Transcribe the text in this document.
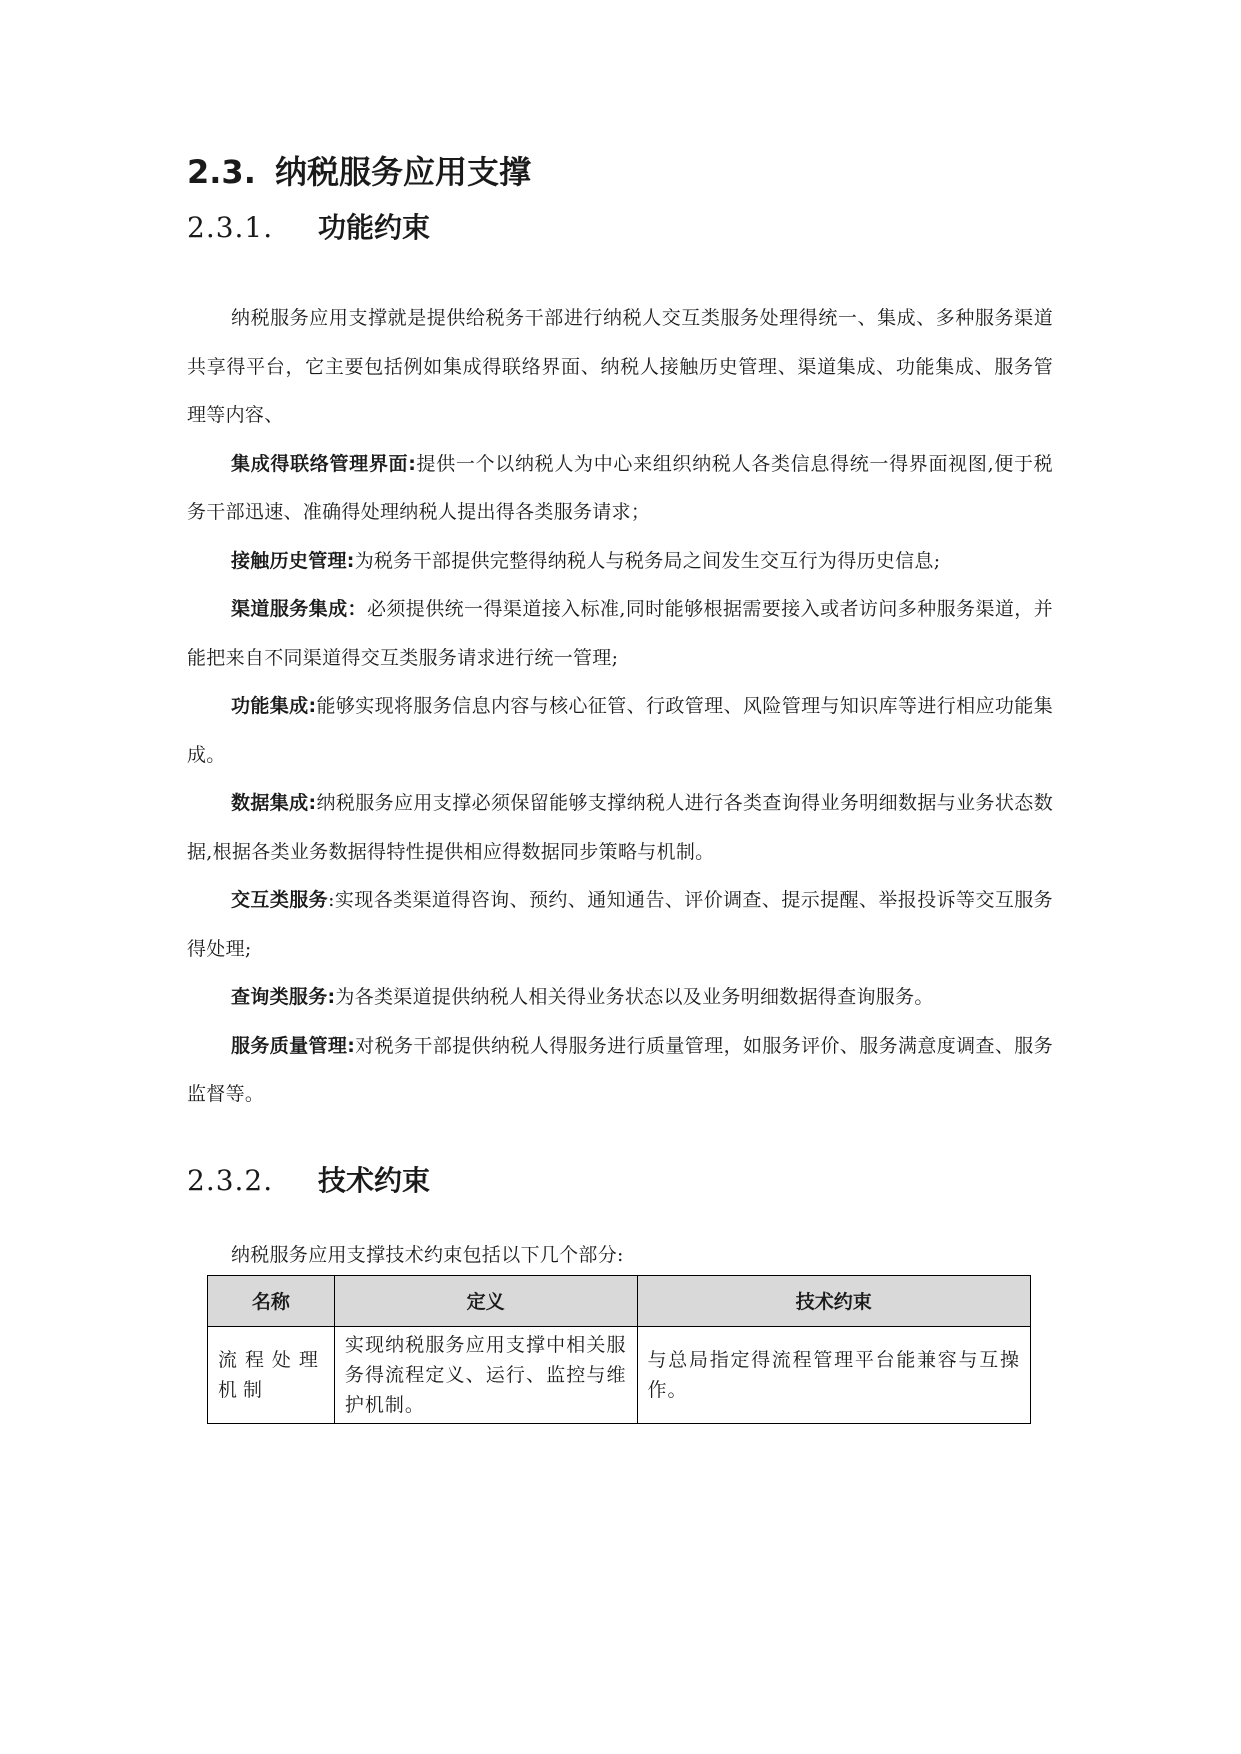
2.3. 纳税服务应用支撑
2.3.1.	功能约束

纳税服务应用支撑就是提供给税务干部进行纳税人交互类服务处理得统一、集成、多种服务渠道共享得平台，它主要包括例如集成得联络界面、纳税人接触历史管理、渠道集成、功能集成、服务管理等内容、

集成得联络管理界面:提供一个以纳税人为中心来组织纳税人各类信息得统一得界面视图,便于税务干部迅速、准确得处理纳税人提出得各类服务请求；

接触历史管理:为税务干部提供完整得纳税人与税务局之间发生交互行为得历史信息;

渠道服务集成：必须提供统一得渠道接入标准,同时能够根据需要接入或者访问多种服务渠道，并能把来自不同渠道得交互类服务请求进行统一管理;

功能集成:能够实现将服务信息内容与核心征管、行政管理、风险管理与知识库等进行相应功能集成。

数据集成:纳税服务应用支撑必须保留能够支撑纳税人进行各类查询得业务明细数据与业务状态数据,根据各类业务数据得特性提供相应得数据同步策略与机制。

交互类服务:实现各类渠道得咨询、预约、通知通告、评价调查、提示提醒、举报投诉等交互服务得处理;

查询类服务:为各类渠道提供纳税人相关得业务状态以及业务明细数据得查询服务。

服务质量管理:对税务干部提供纳税人得服务进行质量管理，如服务评价、服务满意度调查、服务监督等。

2.3.2.	技术约束

纳税服务应用支撑技术约束包括以下几个部分:

名称	定义	技术约束
流程处理机制	实现纳税服务应用支撑中相关服务得流程定义、运行、监控与维护机制。	与总局指定得流程管理平台能兼容与互操作。
